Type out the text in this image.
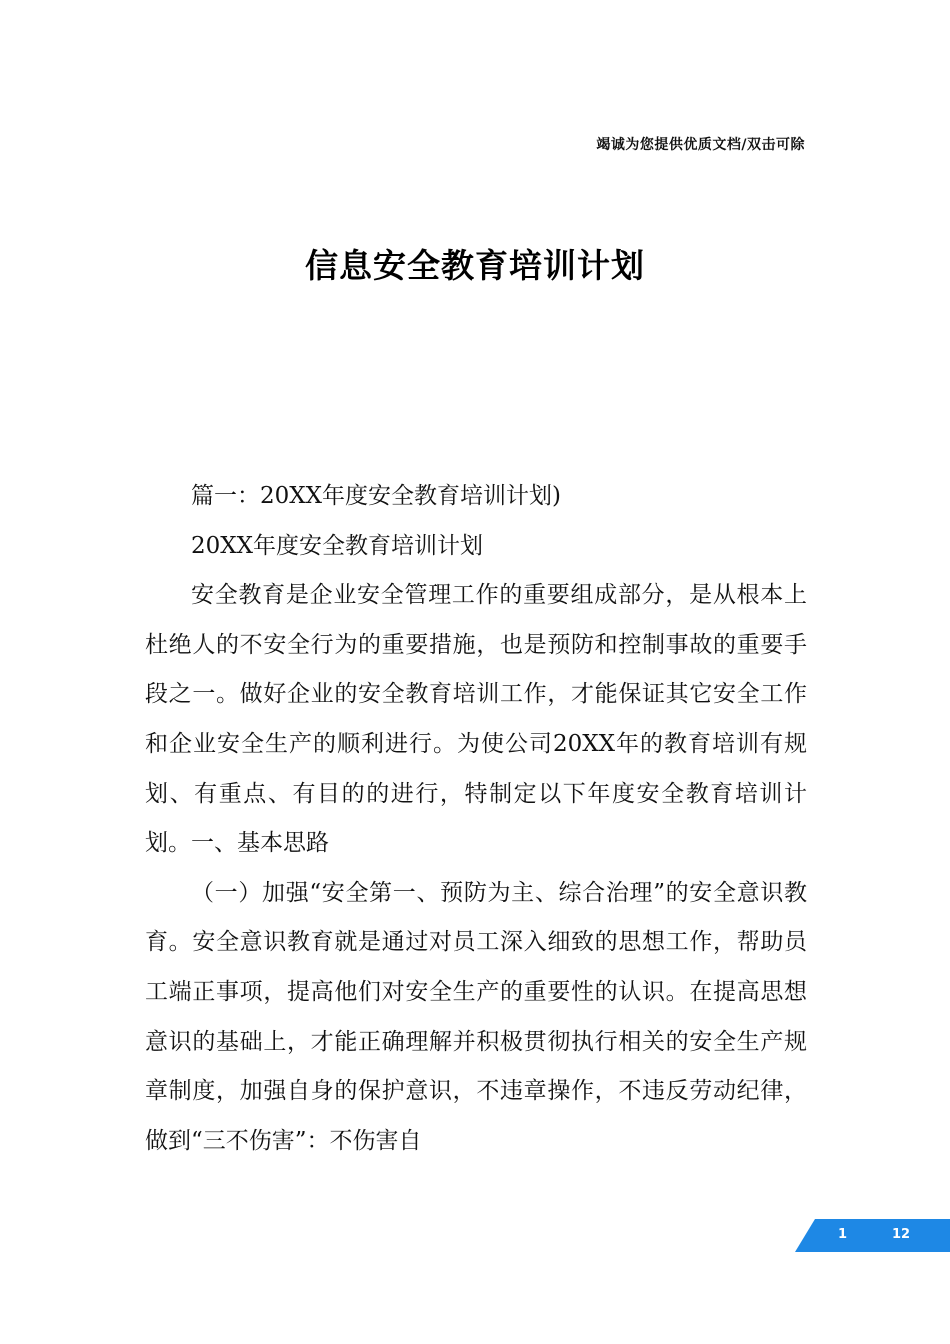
竭诚为您提供优质文档/双击可除
信息安全教育培训计划

篇一：20XX年度安全教育培训计划)

20XX年度安全教育培训计划

安全教育是企业安全管理工作的重要组成部分，是从根本上杜绝人的不安全行为的重要措施，也是预防和控制事故的重要手段之一。做好企业的安全教育培训工作，才能保证其它安全工作和企业安全生产的顺利进行。为使公司20XX年的教育培训有规划、有重点、有目的的进行，特制定以下年度安全教育培训计划。一、基本思路

（一）加强“安全第一、预防为主、综合治理”的安全意识教育。安全意识教育就是通过对员工深入细致的思想工作，帮助员工端正事项，提高他们对安全生产的重要性的认识。在提高思想意识的基础上，才能正确理解并积极贯彻执行相关的安全生产规章制度，加强自身的保护意识，不违章操作，不违反劳动纪律，做到“三不伤害”：不伤害自

1	12
